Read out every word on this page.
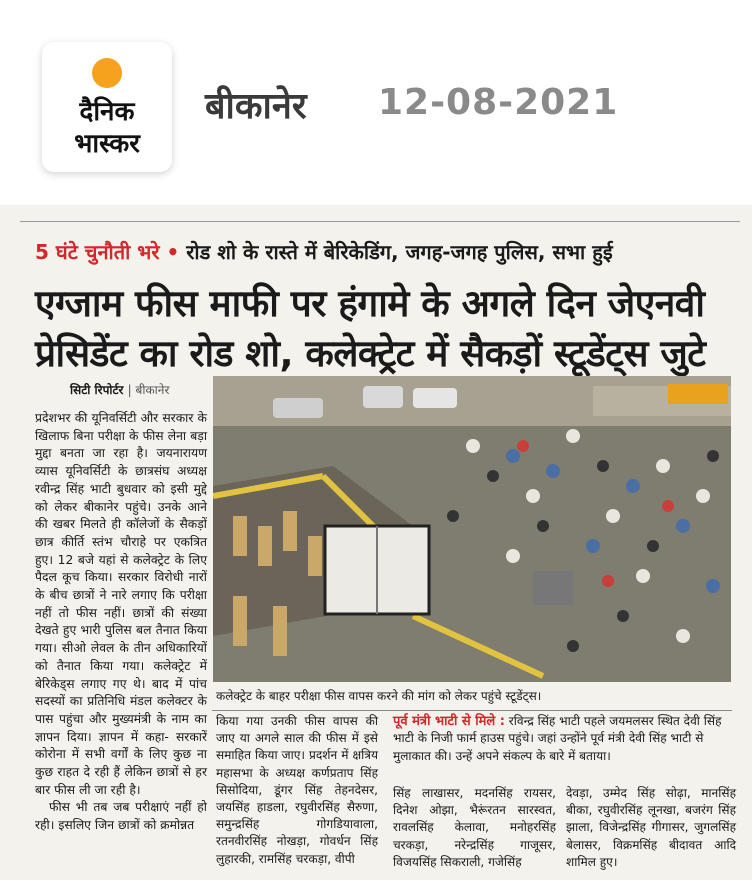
दैनिक
भास्कर
बीकानेर 12-08-2021
5 घंटे चुनौती भरे • रोड शो के रास्ते में बेरिकेडिंग, जगह-जगह पुलिस, सभा हुई
एग्जाम फीस माफी पर हंगामे के अगले दिन जेएनवी
प्रेसिडेंट का रोड शो, कलेक्ट्रेट में सैकड़ों स्टूडेंट्स जुटे
सिटी रिपोर्टर | बीकानेर

प्रदेशभर की यूनिवर्सिटी और सरकार के खिलाफ बिना परीक्षा के फीस लेना बड़ा मुद्दा बनता जा रहा है। जयनारायण व्यास यूनिवर्सिटी के छात्रसंघ अध्यक्ष रवीन्द्र सिंह भाटी बुधवार को इसी मुद्दे को लेकर बीकानेर पहुंचे। उनके आने की खबर मिलते ही कॉलेजों के सैकड़ों छात्र कीर्ति स्तंभ चौराहे पर एकत्रित हुए। 12 बजे यहां से कलेक्ट्रेट के लिए पैदल कूच किया। सरकार विरोधी नारों के बीच छात्रों ने नारे लगाए कि परीक्षा नहीं तो फीस नहीं। छात्रों की संख्या देखते हुए भारी पुलिस बल तैनात किया गया। सीओ लेवल के तीन अधिकारियों को तैनात किया गया। कलेक्ट्रेट में बेरिकेड्स लगाए गए थे। बाद में पांच सदस्यों का प्रतिनिधि मंडल कलेक्टर के पास पहुंचा और मुख्यमंत्री के नाम का ज्ञापन दिया। ज्ञापन में कहा- सरकारें कोरोना में सभी वर्गों के लिए कुछ ना कुछ राहत दे रही हैं लेकिन छात्रों से हर बार फीस ली जा रही है।

फीस भी तब जब परीक्षाएं नहीं हो रही। इसलिए जिन छात्रों को क्रमोन्नत

कलेक्ट्रेट के बाहर परीक्षा फीस वापस करने की मांग को लेकर पहुंचे स्टूडेंट्स।

किया गया उनकी फीस वापस की जाए या अगले साल की फीस में इसे समाहित किया जाए। प्रदर्शन में क्षत्रिय महासभा के अध्यक्ष कर्णप्रताप सिंह सिसोदिया, डूंगर सिंह तेहनदेसर, जयसिंह हाडला, रघुवीरसिंह सैरुणा, समुन्द्रसिंह गोगडियावाला, रतनवीरसिंह नोखड़ा, गोवर्धन सिंह लुहारकी, रामसिंह चरकड़ा, वीपी

पूर्व मंत्री भाटी से मिले : रविन्द्र सिंह भाटी पहले जयमलसर स्थित देवी सिंह भाटी के निजी फार्म हाउस पहुंचे। जहां उन्होंने पूर्व मंत्री देवी सिंह भाटी से मुलाकात की। उन्हें अपने संकल्प के बारे में बताया।

सिंह लाखासर, मदनसिंह रायसर, दिनेश ओझा, भैरूंरतन सारस्वत, रावलसिंह केलावा, मनोहरसिंह चरकड़ा, नरेन्द्रसिंह गाजूसर, विजयसिंह सिकराली, गजेसिंह

देवड़ा, उम्मेद सिंह सोढ़ा, मानसिंह बीका, रघुवीरसिंह लूनखा, बजरंग सिंह झाला, विजेन्द्रसिंह गीगासर, जुगलसिंह बेलासर, विक्रमसिंह बीदावत आदि शामिल हुए।
